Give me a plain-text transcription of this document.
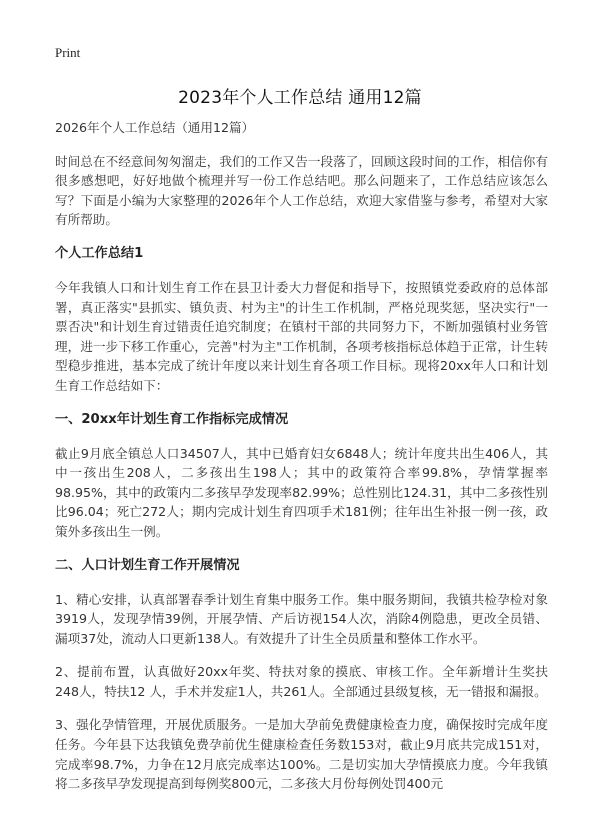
Print
2023年个人工作总结 通用12篇

2026年个人工作总结（通用12篇）

时间总在不经意间匆匆溜走，我们的工作又告一段落了，回顾这段时间的工作，相信你有很多感想吧，好好地做个梳理并写一份工作总结吧。那么问题来了，工作总结应该怎么写？下面是小编为大家整理的2026年个人工作总结，欢迎大家借鉴与参考，希望对大家有所帮助。

个人工作总结1

今年我镇人口和计划生育工作在县卫计委大力督促和指导下，按照镇党委政府的总体部署，真正落实"县抓实、镇负责、村为主"的计生工作机制，严格兑现奖惩，坚决实行"一票否决"和计划生育过错责任追究制度；在镇村干部的共同努力下，不断加强镇村业务管理，进一步下移工作重心，完善"村为主"工作机制，各项考核指标总体趋于正常，计生转型稳步推进，基本完成了统计年度以来计划生育各项工作目标。现将20xx年人口和计划生育工作总结如下：

一、20xx年计划生育工作指标完成情况

截止9月底全镇总人口34507人，其中已婚育妇女6848人；统计年度共出生406人，其中一孩出生208人，二多孩出生198人；其中的政策符合率99.8%，孕情掌握率98.95%，其中的政策内二多孩早孕发现率82.99%；总性别比124.31，其中二多孩性别比96.04；死亡272人；期内完成计划生育四项手术181例；往年出生补报一例一孩，政策外多孩出生一例。

二、人口计划生育工作开展情况

1、精心安排，认真部署春季计划生育集中服务工作。集中服务期间，我镇共检孕检对象3919人，发现孕情39例，开展孕情、产后访视154人次，消除4例隐患，更改全员错、漏项37处，流动人口更新138人。有效提升了计生全员质量和整体工作水平。

2、提前布置，认真做好20xx年奖、特扶对象的摸底、审核工作。全年新增计生奖扶 248人，特扶12 人，手术并发症1人，共261人。全部通过县级复核，无一错报和漏报。

3、强化孕情管理，开展优质服务。一是加大孕前免费健康检查力度，确保按时完成年度任务。今年县下达我镇免费孕前优生健康检查任务数153对，截止9月底共完成151对，完成率98.7%，力争在12月底完成率达100%。二是切实加大孕情摸底力度。今年我镇将二多孩早孕发现提高到每例奖800元，二多孩大月份每例处罚400元
